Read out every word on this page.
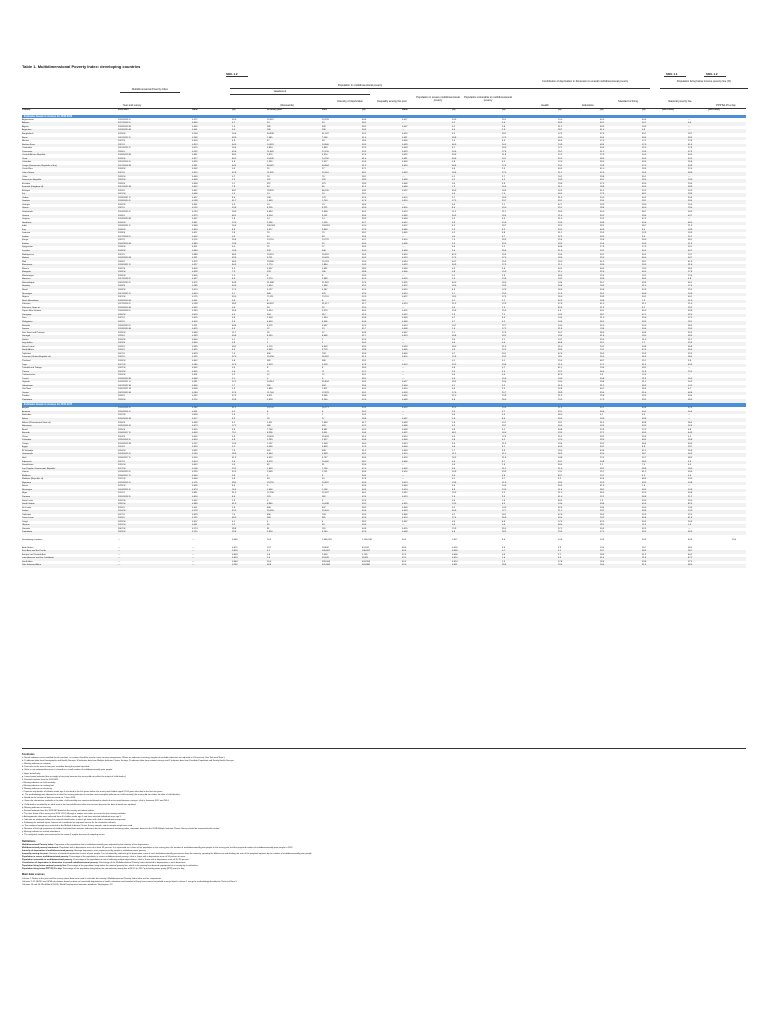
Table 1. Multidimensional Poverty Index: developing countries
SDG 1.2	SDG 1.1	SDG 1.2
Population in multidimensional poverty
Contribution of deprivation in dimension to overall multidimensional poverty	Population living below income poverty line (%)
Multidimensional Poverty Index
Headcount
Intensity of deprivation	Inequality among the poor
Population in severe multidimensional poverty
Population vulnerable to multidimensional poverty
Health	Education
Standard of living	National poverty line
PPP $2.15 a day
(thousands)
Year and survey
Country	2015-2023	Value	(%)	In survey year	2022	(%)	Value	(%)	(%)	(%)	(%)	(%)	(2012-2023)	(2012-2023)
Estimates based on surveys for 2018-2023
Afghanistan	2015/2016 D	0.272	55.9	19,387	20,229	48.6	0.017	24.9	18.1	10.0	45.0	44.9	—
Albania	2017/2018 D	0.003	0.7	20	20	39.1	—	0.1	5.0	28.3	55.1	16.7	0.0
Algeria	2018/2019 M	0.005	1.4	595	628	38.2	0.007	0.2	3.6	31.2	49.3	19.5	—
Argentina	2019/2020 M	0.001	0.4	180	180	34.3	—	0.0	1.0	28.7	41.0	0.9	—
Bangladesh	2019 M	0.104	24.6	40,838	41,187	42.2	0.010	6.5	18.2	17.3	37.6	45.1	18.7
Benin	2021/2022 D	0.248	49.9	7,085	7,166	51.4	0.031	39.8	17.3	19.0	50.4	39.4	38.5
Bhutan	2022 N	0.018	4.9	37	38	38.4	0.006	1.4	4.9	65.4	17.0	17.1	12.4
Burkina Faso	2021 D	0.313	64.3	14,581	14,960	59.2	0.028	46.3	16.2	13.9	48.4	37.6	41.4
Cambodia	2021/2022 D	0.070	16.6	2,834	2,863	42.3	0.009	4.1	18.0	17.1	50.9	32.0	17.8
Cameroon	2018 D	0.232	43.6	11,063	12,126	53.2	0.023	24.6	17.6	25.2	51.2	23.6	37.5
Central African Republic	2018/2019 M	0.461	80.4	3,975	4,310	57.4	0.025	55.8	11.8	22.2	27.9	50.0	40.0
Chad	2019 M	0.517	84.2	13,635	14,750	61.4	0.031	64.6	10.7	20.1	36.6	43.3	42.3
Colombia	2015/2016 D	0.020	4.8	2,335	2,427	40.6	0.009	0.8	6.2	12.0	39.5	48.5	26.8
Congo (Democratic Republic of the)	2017/2018 M	0.331	64.5	58,087	64,964	51.3	0.020	36.8	17.4	23.1	19.9	57.0	63.9
Costa Rica	2018 M	0.002	0.5	25	27	37.1	—	0.0	2.4	40.5	41.0	18.5	22.0
Côte d'Ivoire	2021 D	0.310	42.6	11,476	12,001	48.1	0.018	18.6	17.5	21.1	52.3	26.4	38.9
Cuba	2019 M	0.003	0.7	78	78	38.1	—	0.1	2.7	10.1	39.8	50.1	—
Dominican Republic	2019 M	0.009	2.3	247	255	38.9	0.006	0.2	5.2	24.9	40.1	35.0	23.9
Ecuador	2018 N	0.008	2.1	357	375	39.9	0.006	0.4	5.9	23.6	27.3	49.0	23.4
Eswatini (Kingdom of)	2021/2022 M	0.032	7.9	94	96	41.3	0.008	1.3	16.0	31.1	28.6	40.3	58.9
Ethiopia	2019 D	0.367	68.7	78,831	86,145	53.3	0.022	45.9	18.4	16.2	31.5	52.3	23.5
Fiji	2021 M	0.006	1.5	14	14	35.1	—	0.4	7.4	30.2	17.4	48.1	29.9
Gabon	2019/2021 D	0.037	8.0	158	179	42.4	0.010	2.7	16.9	31.9	24.0	44.1	33.4
Gambia	2019/2020 D	0.198	41.7	1,049	1,150	47.6	0.016	17.3	23.7	30.1	33.4	39.1	53.4
Georgia	2018 M	0.001	0.3	13	13	36.6	—	0.0	2.1	47.1	23.9	29.0	15.6
Ghana	2022 D	0.113	24.6	8,205	8,221	45.9	0.016	8.4	20.0	25.1	28.8	46.0	23.4
Guatemala	2014/2015 D	0.134	28.9	4,694	5,058	46.2	0.013	11.2	21.1	26.3	35.0	38.7	50.5
Guinea	2018 D	0.373	66.2	8,204	9,151	56.4	0.026	50.5	16.4	21.4	39.2	39.4	43.7
Guyana	2019/2020 M	0.007	1.8	14	14	39.3	0.009	0.2	6.5	31.4	22.3	47.2	—
Honduras	2019 M	0.051	12.0	1,196	1,255	42.7	0.012	3.9	12.6	19.5	34.8	45.6	48.0
India	2019/2021 D	0.069	16.4	230,926	233,957	42.0	0.012	4.2	18.7	32.2	28.2	39.7	21.9
Iraq	2018 M	0.033	8.6	3,477	3,909	37.9	0.005	1.3	5.2	33.1	60.9	6.0	18.9
Jamaica	2018 N	0.011	2.8	78	79	38.7	0.005	0.2	6.8	51.2	25.9	22.9	19.9
Jordan	2017/2018 D	0.002	0.4	43	49	35.4	—	0.0	0.7	37.5	53.5	9.0	15.7
Kenya	2022 D	0.113	26.4	13,716	13,776	42.7	0.010	7.0	26.3	25.4	15.6	59.0	36.1
Kiribati	2018/2019 M	0.080	19.8	24	25	40.5	0.008	3.5	30.2	30.3	15.4	54.3	21.9
Kyrgyzstan	2018 M	0.001	0.4	25	27	36.3	—	0.0	5.2	64.8	17.9	17.3	20.1
Lesotho	2018 M	0.084	19.6	428	448	43.0	0.009	5.0	28.6	21.9	19.1	60.0	49.7
Madagascar	2021 D	0.386	68.4	19,351	20,531	56.5	0.024	42.0	15.4	20.4	34.1	45.5	70.7
Malawi	2019/2020 M	0.231	49.9	9,731	10,003	46.3	0.013	17.5	27.0	18.5	25.5	56.0	50.7
Mali	2018 D	0.376	68.3	13,966	15,763	55.0	0.024	44.7	15.3	20.0	41.3	38.7	41.9
Mauritania	2019/2021 D	0.327	60.3	2,770	2,860	54.3	0.023	34.3	17.5	21.1	39.6	39.3	31.8
Mexico	2022 N	0.016	4.3	5,557	5,691	38.3	0.006	0.5	4.8	40.2	40.3	19.5	36.3
Mongolia	2018 M	0.028	7.3	233	246	38.8	0.006	0.8	15.5	21.1	32.6	46.3	27.8
Montenegro	2018 M	0.005	1.2	8	8	39.6	—	0.1	2.9	58.5	22.3	19.2	22.6
Morocco	2017/2018 P	0.027	6.4	2,270	2,389	42.0	0.010	1.4	13.9	24.2	39.6	36.3	4.8
Mozambique	2022/2023 D	0.372	64.8	21,688	21,981	57.4	0.025	44.0	16.5	14.4	35.7	49.9	46.1
Namibia	2018 N	0.185	40.9	1,034	1,068	45.2	0.012	16.6	19.3	30.8	18.3	51.0	17.4
Nepal	2019 M	0.074	17.5	5,127	5,267	42.5	0.010	4.9	17.8	26.6	30.6	42.8	25.2
Nicaragua	2021/2022 D	0.024	5.7	368	376	42.4	0.010	1.7	15.5	27.0	26.2	46.8	24.9
Nigeria	2021 M	0.175	33.0	71,211	73,701	52.9	0.022	18.3	17.5	26.0	39.9	34.1	40.1
North Macedonia	2018/2019 M	0.001	0.4	8	8	38.2	—	0.1	2.2	62.9	29.8	7.3	21.9
Pakistan	2017/2018 D	0.198	38.3	80,397	91,517	51.7	0.023	21.5	12.9	27.6	41.3	31.1	21.9
Palestine, State of	2019/2020 M	0.002	0.6	30	30	35.0	—	0.0	1.3	62.8	31.3	6.1	29.2
Papua New Guinea	2016/2018 D	0.263	56.6	5,324	5,579	46.5	0.015	25.8	25.3	4.6	30.1	65.3	39.9
Paraguay	2016 M	0.019	4.5	304	312	41.9	0.012	1.0	7.2	14.2	38.7	47.1	22.3
Peru	2022 D	0.015	3.8	1,303	1,364	40.8	0.009	0.7	6.4	13.4	31.0	55.6	27.5
Philippines	2022 D	0.016	3.9	4,403	4,436	40.6	0.009	0.7	5.2	24.3	36.2	39.5	18.1
Rwanda	2019/2020 D	0.231	48.8	6,275	6,567	47.3	0.014	19.7	22.7	14.0	32.0	54.0	38.2
Samoa	2019/2020 M	0.025	6.3	12	13	41.7	0.008	1.6	17.2	31.8	13.6	54.6	20.3
Sao Tome and Principe	2019 M	0.048	11.7	26	27	40.9	0.007	2.1	17.0	16.7	36.6	44.6	55.5
Senegal	2019 D	0.263	50.8	8,230	8,666	51.7	0.023	30.8	18.2	19.4	51.6	29.0	36.5
Serbia	2019 M	0.000	0.1	7	7	42.5	—	0.0	2.1	13.7	35.3	51.0	21.7
Seychelles	2019 N	0.003	0.9	1	1	34.2	—	0.0	0.4	66.8	32.1	1.1	25.3
Sierra Leone	2019 D	0.293	59.2	4,776	4,903	49.5	0.018	28.0	21.3	21.0	24.2	54.8	56.8
South Africa	2016 D	0.025	6.3	3,599	3,778	39.8	0.005	0.9	12.2	39.5	13.1	47.4	55.5
Tajikistan	2017 D	0.029	7.4	656	709	39.0	0.006	0.7	20.1	47.6	26.5	25.9	22.5
Tanzania (United Republic of)	2022 D	0.155	37.3	25,358	26,097	41.5	0.010	12.6	23.2	18.1	25.5	56.3	26.4
Thailand	2019 M	0.002	0.6	382	386	39.1	—	0.1	5.1	25.6	48.7	25.7	9.9
Togo	2017 M	0.180	37.6	3,019	3,228	47.8	0.015	15.2	23.8	21.5	27.1	51.4	45.5
Trinidad and Tobago	2022 M	0.002	0.5	8	8	38.0	—	0.0	3.7	41.1	19.6	39.2	—
Tunisia	2023 M	0.002	0.6	71	71	37.2	—	0.0	2.4	22.2	56.0	21.8	15.2
Turkmenistan	2019 M	0.001	0.2	12	12	36.1	—	0.0	0.4	87.0	0.4	12.6	—
Tuvalu	2019/2020 M	0.008	2.1	0	0	38.2	—	0.0	15.9	24.9	53.8	21.4	26.3
Uganda	2019/2021 D	0.281	57.2	24,914	25,804	49.2	0.017	29.3	23.0	19.0	29.8	51.2	20.3
Uzbekistan	2021/2022 M	0.006	1.7	591	594	35.6	0.004	0.1	5.2	31.9	31.2	36.9	14.1
Viet Nam	2020/2021 M	0.008	1.9	1,890	1,911	40.3	0.010	0.4	3.5	22.8	40.7	36.4	6.7
Yemen	2022/2023 M	0.184	37.4	11,744	12,329	49.1	0.018	17.6	22.7	28.9	39.5	31.6	48.6
Zambia	2018 D	0.232	47.9	8,311	9,496	48.4	0.016	21.0	23.9	21.9	25.8	52.3	54.4
Zimbabwe	2019 M	0.110	25.8	3,928	4,240	42.6	0.009	6.8	26.3	23.5	17.3	59.2	38.3
Estimates based on surveys for 2015-2017
Angola	2015/2016 D	0.282	51.1	14,741	18,271	55.3	0.025	32.5	15.5	21.2	32.1	46.8	32.3
Armenia	2015/2016 D	0.001	0.2	6	6	36.2	—	0.0	2.7	33.1	36.8	30.1	26.4
Barbados	2012 M	0.009	2.5	7	7	34.2	—	0.0	0.5	96.0	0.7	3.3	—
Belize	2015/2016 M	0.017	4.3	16	17	39.8	0.007	0.6	8.4	39.5	20.9	39.6	—
Bolivia (Plurinational State of)	2016 N	0.038	9.1	1,011	1,090	41.7	0.009	1.9	12.1	18.7	31.5	49.8	36.4
Botswana	2015/2016 N	0.073	17.2	380	403	42.2	0.008	3.5	19.7	30.3	16.5	53.2	16.3
Brazil	2015 N	0.016	3.8	7,748	8,081	42.5	0.008	0.9	6.2	49.8	22.9	27.3	4.8
Burundi	2016/2017 D	0.409	75.1	8,296	9,551	54.4	0.022	48.1	16.0	23.3	27.2	49.5	64.9
China	2014 N	0.016	3.9	53,420	55,463	41.4	0.010	0.3	17.4	35.2	39.2	25.6	0.1
Colombia	2015/2016 D	0.020	4.8	2,293	2,427	40.6	0.009	0.8	6.2	12.0	39.5	48.5	26.8
Congo	2014/2015 M	0.112	24.3	1,197	1,509	46.0	0.013	9.4	21.3	23.4	20.2	56.4	40.3
Egypt	2014 D	0.020	5.2	5,036	5,803	37.6	0.004	0.6	6.1	40.0	53.1	6.9	29.7
El Salvador	2014 M	0.032	7.9	501	499	41.3	0.009	1.7	9.9	15.5	43.4	41.1	26.6
Guatemala	2014/2015 D	0.134	28.9	4,694	5,058	46.2	0.013	11.2	21.1	26.3	35.0	38.7	50.5
Haiti	2016/2017 D	0.200	41.3	4,532	4,737	48.4	0.019	18.5	21.8	24.8	22.5	52.7	58.5
Indonesia	2017 D	0.014	3.6	9,578	10,060	38.7	0.006	0.4	4.7	34.7	26.8	38.5	9.4
Kazakhstan	2015 M	0.002	0.5	82	91	35.6	—	0.0	1.8	90.4	2.1	7.5	4.3
Lao People's Democratic Republic	2017 M	0.108	23.1	1,603	1,756	47.0	0.016	9.6	21.2	21.5	39.7	38.8	18.3
Liberia	2019/2020 D	0.259	52.3	2,569	2,751	49.6	0.016	24.9	23.3	13.1	25.7	61.2	50.9
Maldives	2016/2017 D	0.003	0.8	3	4	34.4	—	0.0	4.8	80.7	15.1	4.2	5.4
Moldova (Republic of)	2012 M	0.004	0.9	33	33	37.4	—	0.1	3.7	9.2	42.4	48.4	24.5
Myanmar	2015/2016 D	0.176	38.3	19,791	20,387	45.9	0.013	13.8	21.9	18.5	32.3	49.2	24.8
Nauru	2019 M	0.036	8.9	2	2	40.6	0.004	0.6	10.6	30.5	61.9	7.6	—
Nicaragua	2014/2015 D	0.074	16.6	1,066	1,156	44.5	0.014	6.9	13.3	11.6	38.2	50.2	24.9
Niger	2012 D	0.601	91.0	17,256	22,537	66.1	0.032	76.3	5.2	21.2	36.3	42.5	40.8
Panama	2015/2018 D	0.034	8.0	325	362	42.4	0.013	2.6	9.3	41.0	22.2	36.8	21.2
Saint Lucia	2012 M	0.007	1.9	3	3	37.5	—	0.0	1.6	69.5	7.5	23.0	25.0
South Sudan	2010 M	0.580	91.9	8,980	10,038	63.2	0.025	74.3	6.3	14.4	39.6	45.9	82.3
Sri Lanka	2016 D	0.011	2.9	608	637	38.3	0.006	0.2	14.3	32.5	24.4	43.0	14.3
Sudan	2014 M	0.279	52.3	20,355	25,941	53.4	0.023	30.9	17.7	21.1	29.2	49.8	13.3
Tajikistan	2017 D	0.029	7.4	656	709	39.0	0.006	0.7	20.1	47.6	26.5	25.9	22.5
Timor-Leste	2016 D	0.222	48.3	583	681	45.9	0.014	17.4	26.8	30.0	23.2	46.8	41.8
Tonga	2019 M	0.017	4.1	4	4	38.2	0.007	0.6	6.8	17.3	42.5	40.2	20.6
Ukraine	2012 M	0.001	0.2	95	94	34.5	—	0.0	0.4	60.6	28.1	11.3	1.6
Vanuatu	2007 M	0.174	38.8	91	118	44.9	0.015	12.9	35.1	17.2	30.3	52.5	—
Zimbabwe	2019 M	0.110	25.8	3,928	4,240	42.6	0.009	6.8	26.3	23.5	17.3	59.2	38.3
Developing countries	—	—	0.069	16.3	1,085,331	1,106,748	44.5	0.017	6.6	14.8	24.3	30.9	43.6	19.4
Arab States	—	—	0.072	14.7	18,840	43,169	46.6	0.016	6.9	5.9	23.4	35.7	38.2
East Asia and the Pacific	—	—	0.018	4.1	106,687	108,097	40.4	0.009	0.7	5.2	26.7	38.5	36.1
Europe and Central Asia	—	—	0.003	0.6	1,400	1,705	37.4	0.006	0.0	2.7	28.6	31.2	40.2
Latin America and the Caribbean	—	—	0.024	5.6	33,009	36,611	42.5	0.010	1.6	6.5	31.4	21.4	47.2
South Asia	—	—	0.084	20.0	393,508	403,959	45.2	0.014	7.3	17.8	26.8	33.8	37.5
Sub-Saharan Africa	—	—	0.250	48.4	531,886	553,880	52.0	0.021	28.6	19.0	20.4	31.3	48.3
Footnotes
a. Not all indicators were available for all countries, so caution should be used in cross-country comparisons. Where an indicator is missing, weights of available indicators are adjusted to 100 percent. See Technical Note 5.
b. D indicates data from Demographic and Health Surveys, M indicates data from Multiple Indicator Cluster Surveys, N indicates data from national surveys and P indicates data from Pan Arab Population and Family Health Surveys.
c. Missing indicator on nutrition.
d. Data refer to the most recent year available during the period specified.
e. Value is not estimated because it is based on a small number of multidimensionally poor people.
f. Upper bound only.
g. Lower bound estimate (due to weight at any time because the survey did not collect the output of child deaths).
h. Revised estimate from the 2020 MPI.
i. Missing indicator on child mortality.
j. Missing indicator on cooking fuel.
k. Missing indicator on electricity.
l. Captures only deaths of children under age 5 who died in the five years before the survey and children aged 12-18 years who died in the last two years.
m. The methodology was adjusted to account for missing indicator on nutrition and incomplete indicator on child mortality (the survey did not collect the date of child deaths).
n. Based on the version of data accessed on 7 June 2023.
o. Given the information available in the data, child mortality was constructed based on deaths that occurred between surveys—that is, between 2012 and 2014.
p. Child deaths recorded by an adult man in the household were taken into account because the date of death was reported.
q. Missing indicator on housing.
r. Revised estimate from the 2022 MPI based on the country microdata update.
s. The time frame of the survey was 2016–2017 although a sample was taken to correct for the missing variables.
t. Anthropometric data were collected from all children under age 5 and from selected individuals over age 5.
u. Indicator on sanitation follows the national classification in which pit latrine with slab is considered unimproved.
v. Following the national report, latrines are considered an improved source for the sanitation indicator.
w. The analytical sample was restricted to the Multiple Indicator Cluster Survey sample, and its sample weight was used.
x. Because of the high proportion of children excluded from nutrition indicators due to measurements not being taken, estimates based on the 2018 Multiple Indicator Cluster Survey should be interpreted with caution.
y. Missing indicator on school attendance.
z. The analytical sample was restricted to the round 1 sample because of sampling issues.
Definitions
Multidimensional Poverty Index: Proportion of the population that is multidimensionally poor adjusted by the intensity of the deprivations.
Multidimensional poverty headcount: Population with a deprivation score of at least 33 percent. It is expressed as a share of the population in the survey year, the number of multidimensionally poor people in the survey year and the projected number of multidimensionally poor people in 2022.
Intensity of deprivation of multidimensional poverty: Average deprivation score experienced by people in multidimensional poverty.
Inequality among the poor: Variance of individual deprivation scores of poor people. It is calculated by subtracting the deprivation score of each multidimensionally poor person from the intensity, squaring the differences and dividing the sum of the weighted squares by the number of multidimensionally poor people.
Population in severe multidimensional poverty: Percentage of the population in severe multidimensional poverty—that is, those with a deprivation score of 50 percent or more.
Population vulnerable to multidimensional poverty: Percentage of the population at risk of suffering multiple deprivations—that is, those with a deprivation score of 20–33 percent.
Contribution of deprivation in dimension to overall multidimensional poverty: Percentage of the Multidimensional Poverty Index attributed to deprivations in each dimension.
Population living below national poverty line: Percentage of the population living below the national poverty line, which is the poverty line deemed appropriate for a country by its authorities.
Population living below PPP $2.15 a day: Percentage of the population living below the international poverty line of $2.15 (in 2017 purchasing power parity [PPP] terms) a day.
Main data sources
Column 1: Refers to the year and the survey whose data were used to calculate the country's Multidimensional Poverty Index value and its components.
Columns 2-12: HDRO and OPHI calculations based on data on household deprivations in health, education and standard of living from various household surveys listed in column 1 using the methodology described in Technical Note 5.
Columns 13 and 14: World Bank (2024). World Development Indicators database. Washington, DC.
